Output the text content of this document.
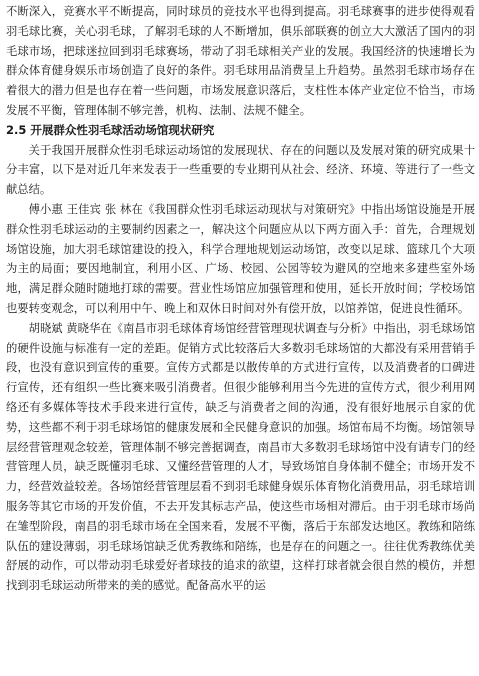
不断深入，竞赛水平不断提高，同时球员的竞技水平也得到提高。羽毛球赛事的进步使得观看羽毛球比赛，关心羽毛球，了解羽毛球的人不断增加，俱乐部联赛的创立大大激活了国内的羽毛球市场，把球迷拉回到羽毛球赛场，带动了羽毛球相关产业的发展。我国经济的快速增长为群众体育健身娱乐市场创造了良好的条件。羽毛球用品消费呈上升趋势。虽然羽毛球市场存在着很大的潜力但是也存在着一些问题，市场发展意识落后，支柱性本体产业定位不恰当，市场发展不平衡，管理体制不够完善，机构、法制、法规不健全。

2.5 开展群众性羽毛球活动场馆现状研究

关于我国开展群众性羽毛球运动场馆的发展现状、存在的问题以及发展对策的研究成果十分丰富，以下是对近几年来发表于一些重要的专业期刊从社会、经济、环境、等进行了一些文献总结。

傅小惠 王佳宾 张 林在《我国群众性羽毛球运动现状与对策研究》中指出场馆设施是开展群众性羽毛球运动的主要制约因素之一，解决这个问题应从以下两方面入手：首先，合理规划场馆设施，加大羽毛球馆建设的投入，科学合理地规划运动场馆，改变以足球、篮球几个大项为主的局面；要因地制宜，利用小区、广场、校园、公园等较为避风的空地来多建些室外场地，满足群众随时随地打球的需要。营业性场馆应加强管理和使用，延长开放时间；学校场馆也要转变观念，可以利用中午、晚上和双休日时间对外有偿开放，以馆养馆，促进良性循环。

胡晓斌 黄晓华在《南昌市羽毛球体育场馆经营管理现状调查与分析》中指出，羽毛球场馆的硬件设施与标准有一定的差距。促销方式比较落后大多数羽毛球场馆的大都没有采用营销手段，也没有意识到宣传的重要。宣传方式都是以散传单的方式进行宣传，以及消费者的口碑进行宣传，还有组织一些比赛来吸引消费者。但很少能够利用当今先进的宣传方式，很少利用网络还有多媒体等技术手段来进行宣传，缺乏与消费者之间的沟通，没有很好地展示自家的优势，这些都不利于羽毛球场馆的健康发展和全民健身意识的加强。场馆布局不均衡。场馆领导层经营管理观念较差，管理体制不够完善据调查，南昌市大多数羽毛球场馆中没有请专门的经营管理人员，缺乏既懂羽毛球、又懂经营管理的人才，导致场馆自身体制不健全；市场开发不力，经营效益较差。各场馆经营管理层看不到羽毛球健身娱乐体育物化消费用品，羽毛球培训服务等其它市场的开发价值，不去开发其标志产品，使这些市场相对滞后。由于羽毛球市场尚在雏型阶段，南昌的羽毛球市场在全国来看，发展不平衡，落后于东部发达地区。教练和陪练队伍的建设薄弱，羽毛球场馆缺乏优秀教练和陪练，也是存在的问题之一。往往优秀教练优美舒展的动作，可以带动羽毛球爱好者球技的追求的欲望，这样打球者就会很自然的模仿，并想找到羽毛球运动所带来的美的感觉。配备高水平的运
